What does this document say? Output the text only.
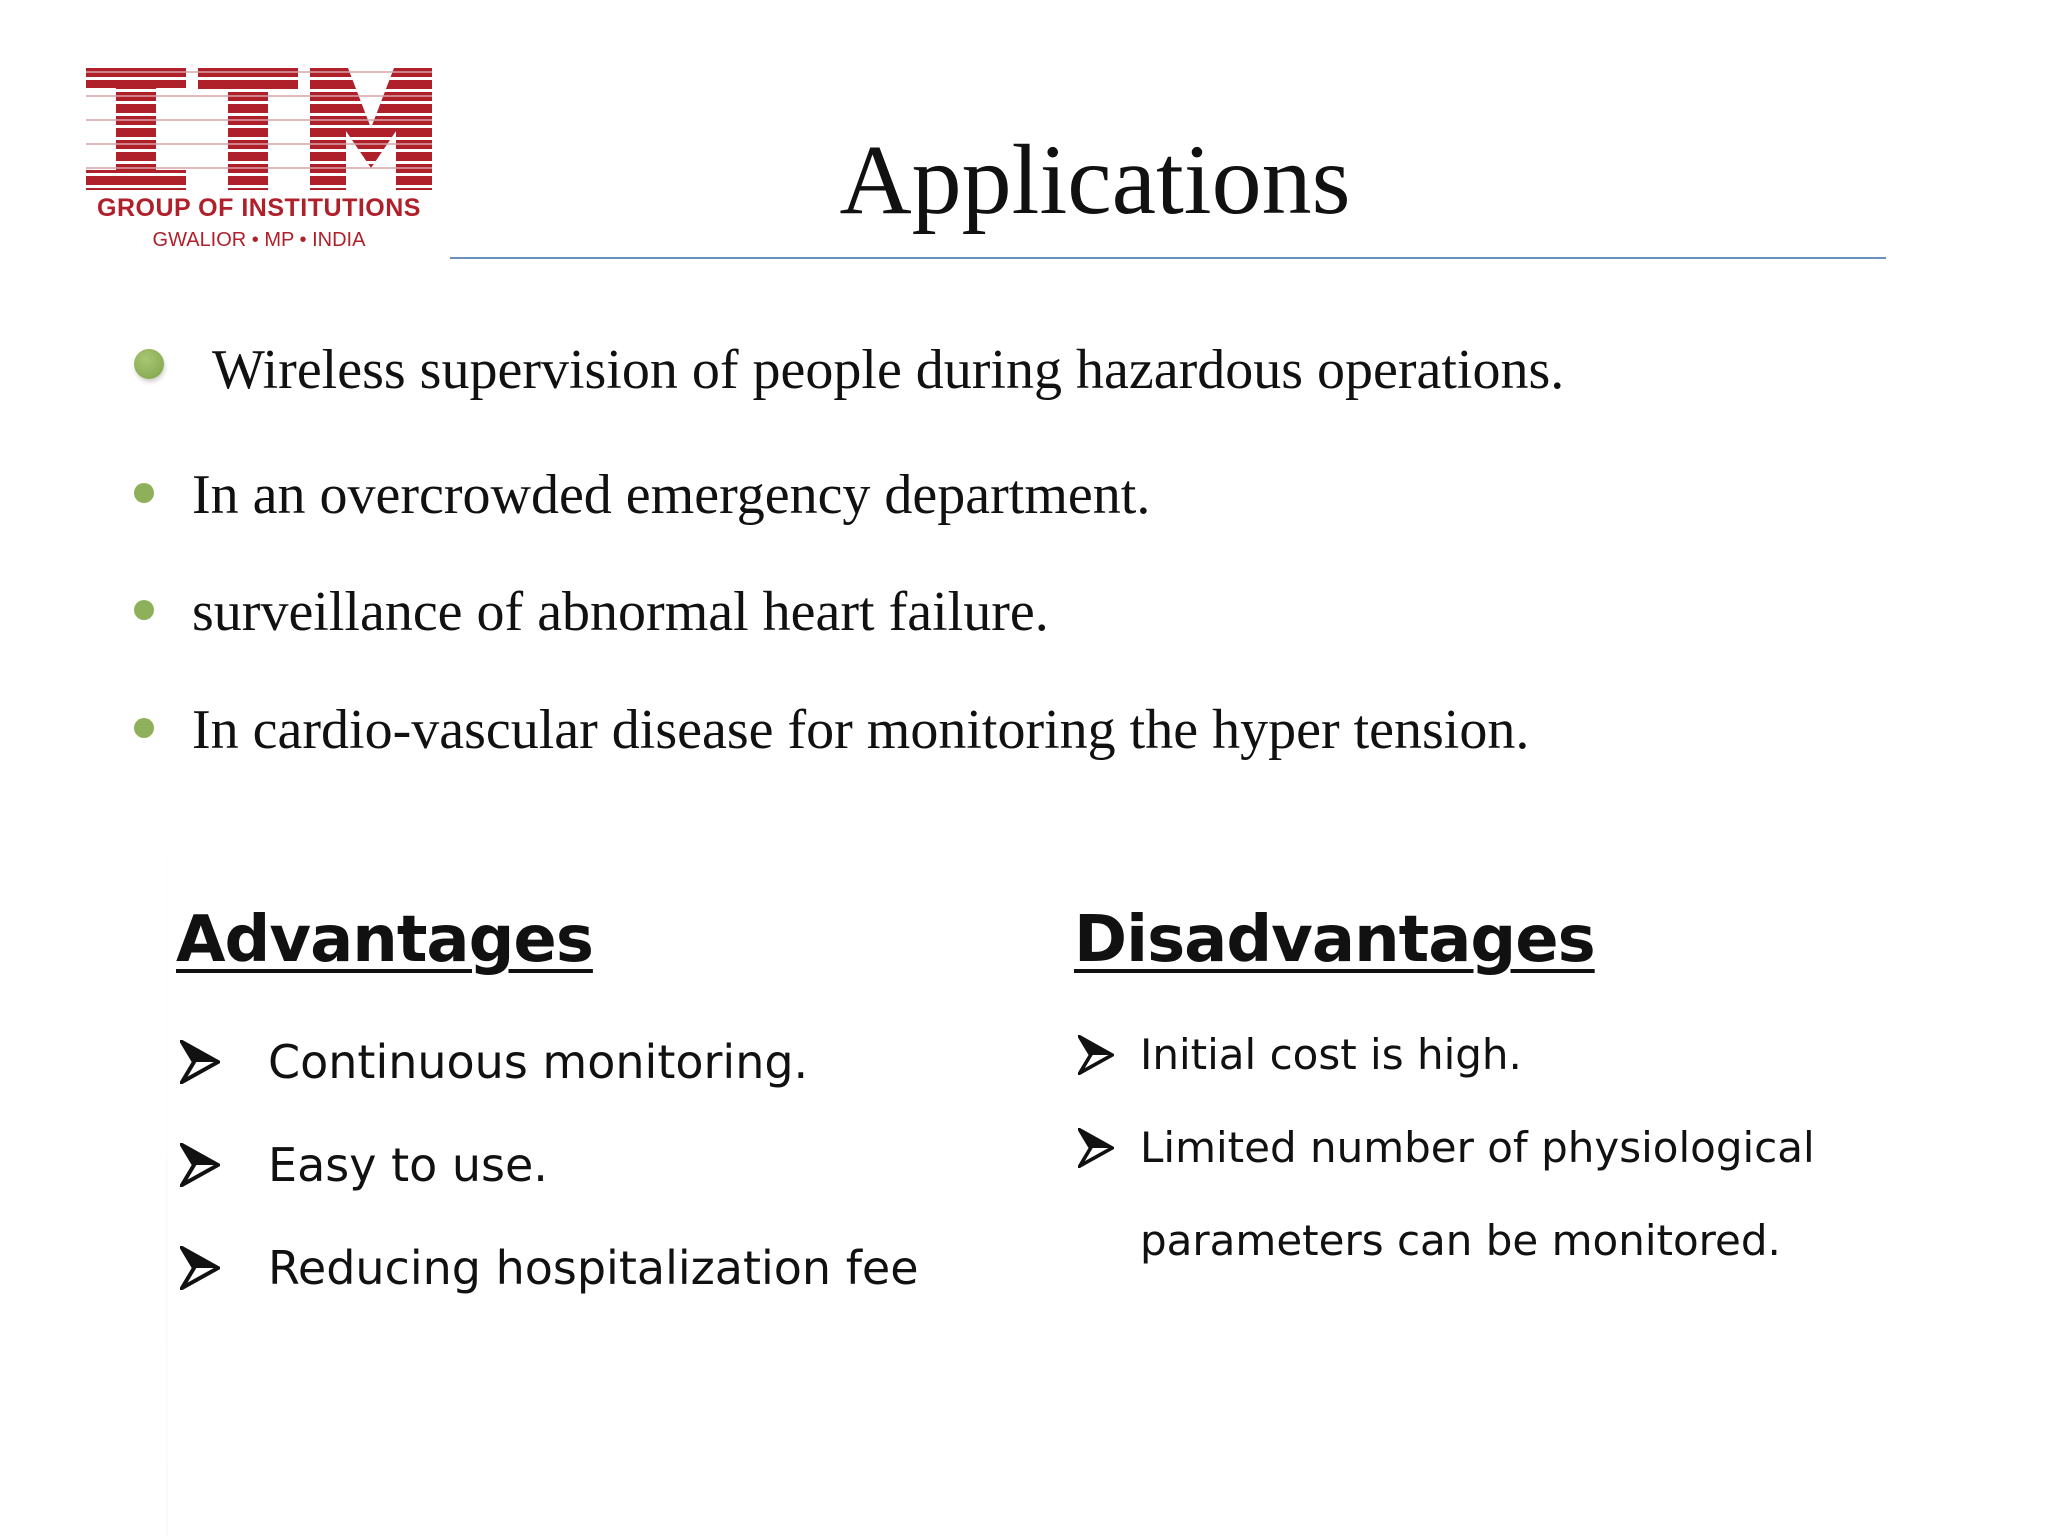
GROUP OF INSTITUTIONS
GWALIOR • MP • INDIA
Applications
Wireless supervision of people during hazardous operations.
In an overcrowded emergency department.
surveillance of abnormal heart failure.
In cardio-vascular disease for monitoring the hyper tension.
Advantages
Continuous monitoring.
Easy to use.
Reducing hospitalization fee
Disadvantages
Initial cost is high.
Limited number of physiological
parameters can be monitored.
